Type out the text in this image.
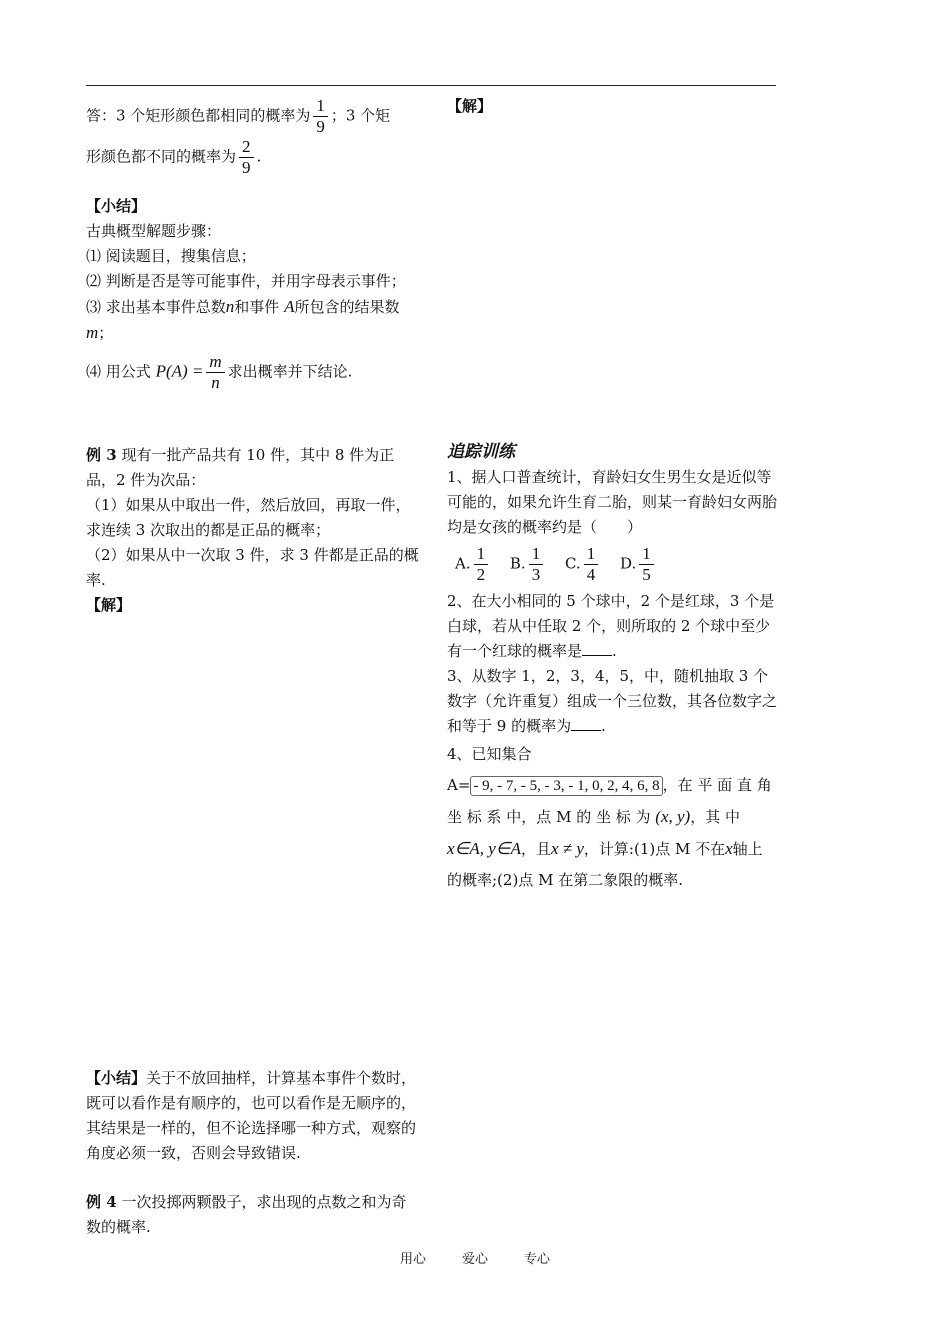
答：3 个矩形颜色都相同的概率为 $\frac{1}{9}$ ；3 个矩
形颜色都不同的概率为 $\frac{2}{9}$ .
【小结】
古典概型解题步骤：
⑴ 阅读题目，搜集信息；
⑵ 判断是否是等可能事件，并用字母表示事件；
⑶ 求出基本事件总数n和事件 A所包含的结果数m；
⑷ 用公式 $P(A) = \frac{m}{n}$ 求出概率并下结论.
例 3 现有一批产品共有 10 件，其中 8 件为正品，2 件为次品：
（1）如果从中取出一件，然后放回，再取一件，求连续 3 次取出的都是正品的概率；
（2）如果从中一次取 3 件，求 3 件都是正品的概率.
【解】
【小结】关于不放回抽样，计算基本事件个数时，既可以看作是有顺序的，也可以看作是无顺序的，其结果是一样的，但不论选择哪一种方式，观察的角度必须一致，否则会导致错误.
例 4 一次投掷两颗骰子，求出现的点数之和为奇数的概率.
【解】
追踪训练
1、据人口普查统计，育龄妇女生男生女是近似等可能的，如果允许生育二胎，则某一育龄妇女两胎均是女孩的概率约是（　　）
A. $\frac{1}{2} B$. $\frac{1}{3} C$. $\frac{1}{4} D$. $\frac{1}{5}$
2、在大小相同的 5 个球中，2 个是红球，3 个是白球，若从中任取 2 个，则所取的 2 个球中至少有一个红球的概率是 .
3、从数字 1，2，3，4，5，中，随机抽取 3 个数字（允许重复）组成一个三位数，其各位数字之和等于 9 的概率为 .
4、已知集合
A= - 9, - 7, - 5, - 3, - 1, 0, 2, 4, 6, 8 ，在 平 面 直 角 坐 标 系 中，点 M 的 坐 标 为 (x, y)，其 中 x∈A, y∈A，且x ≠ y，计算:(1)点 M 不在x轴上的概率;(2)点 M 在第二象限的概率.
用心	爱心	专心
